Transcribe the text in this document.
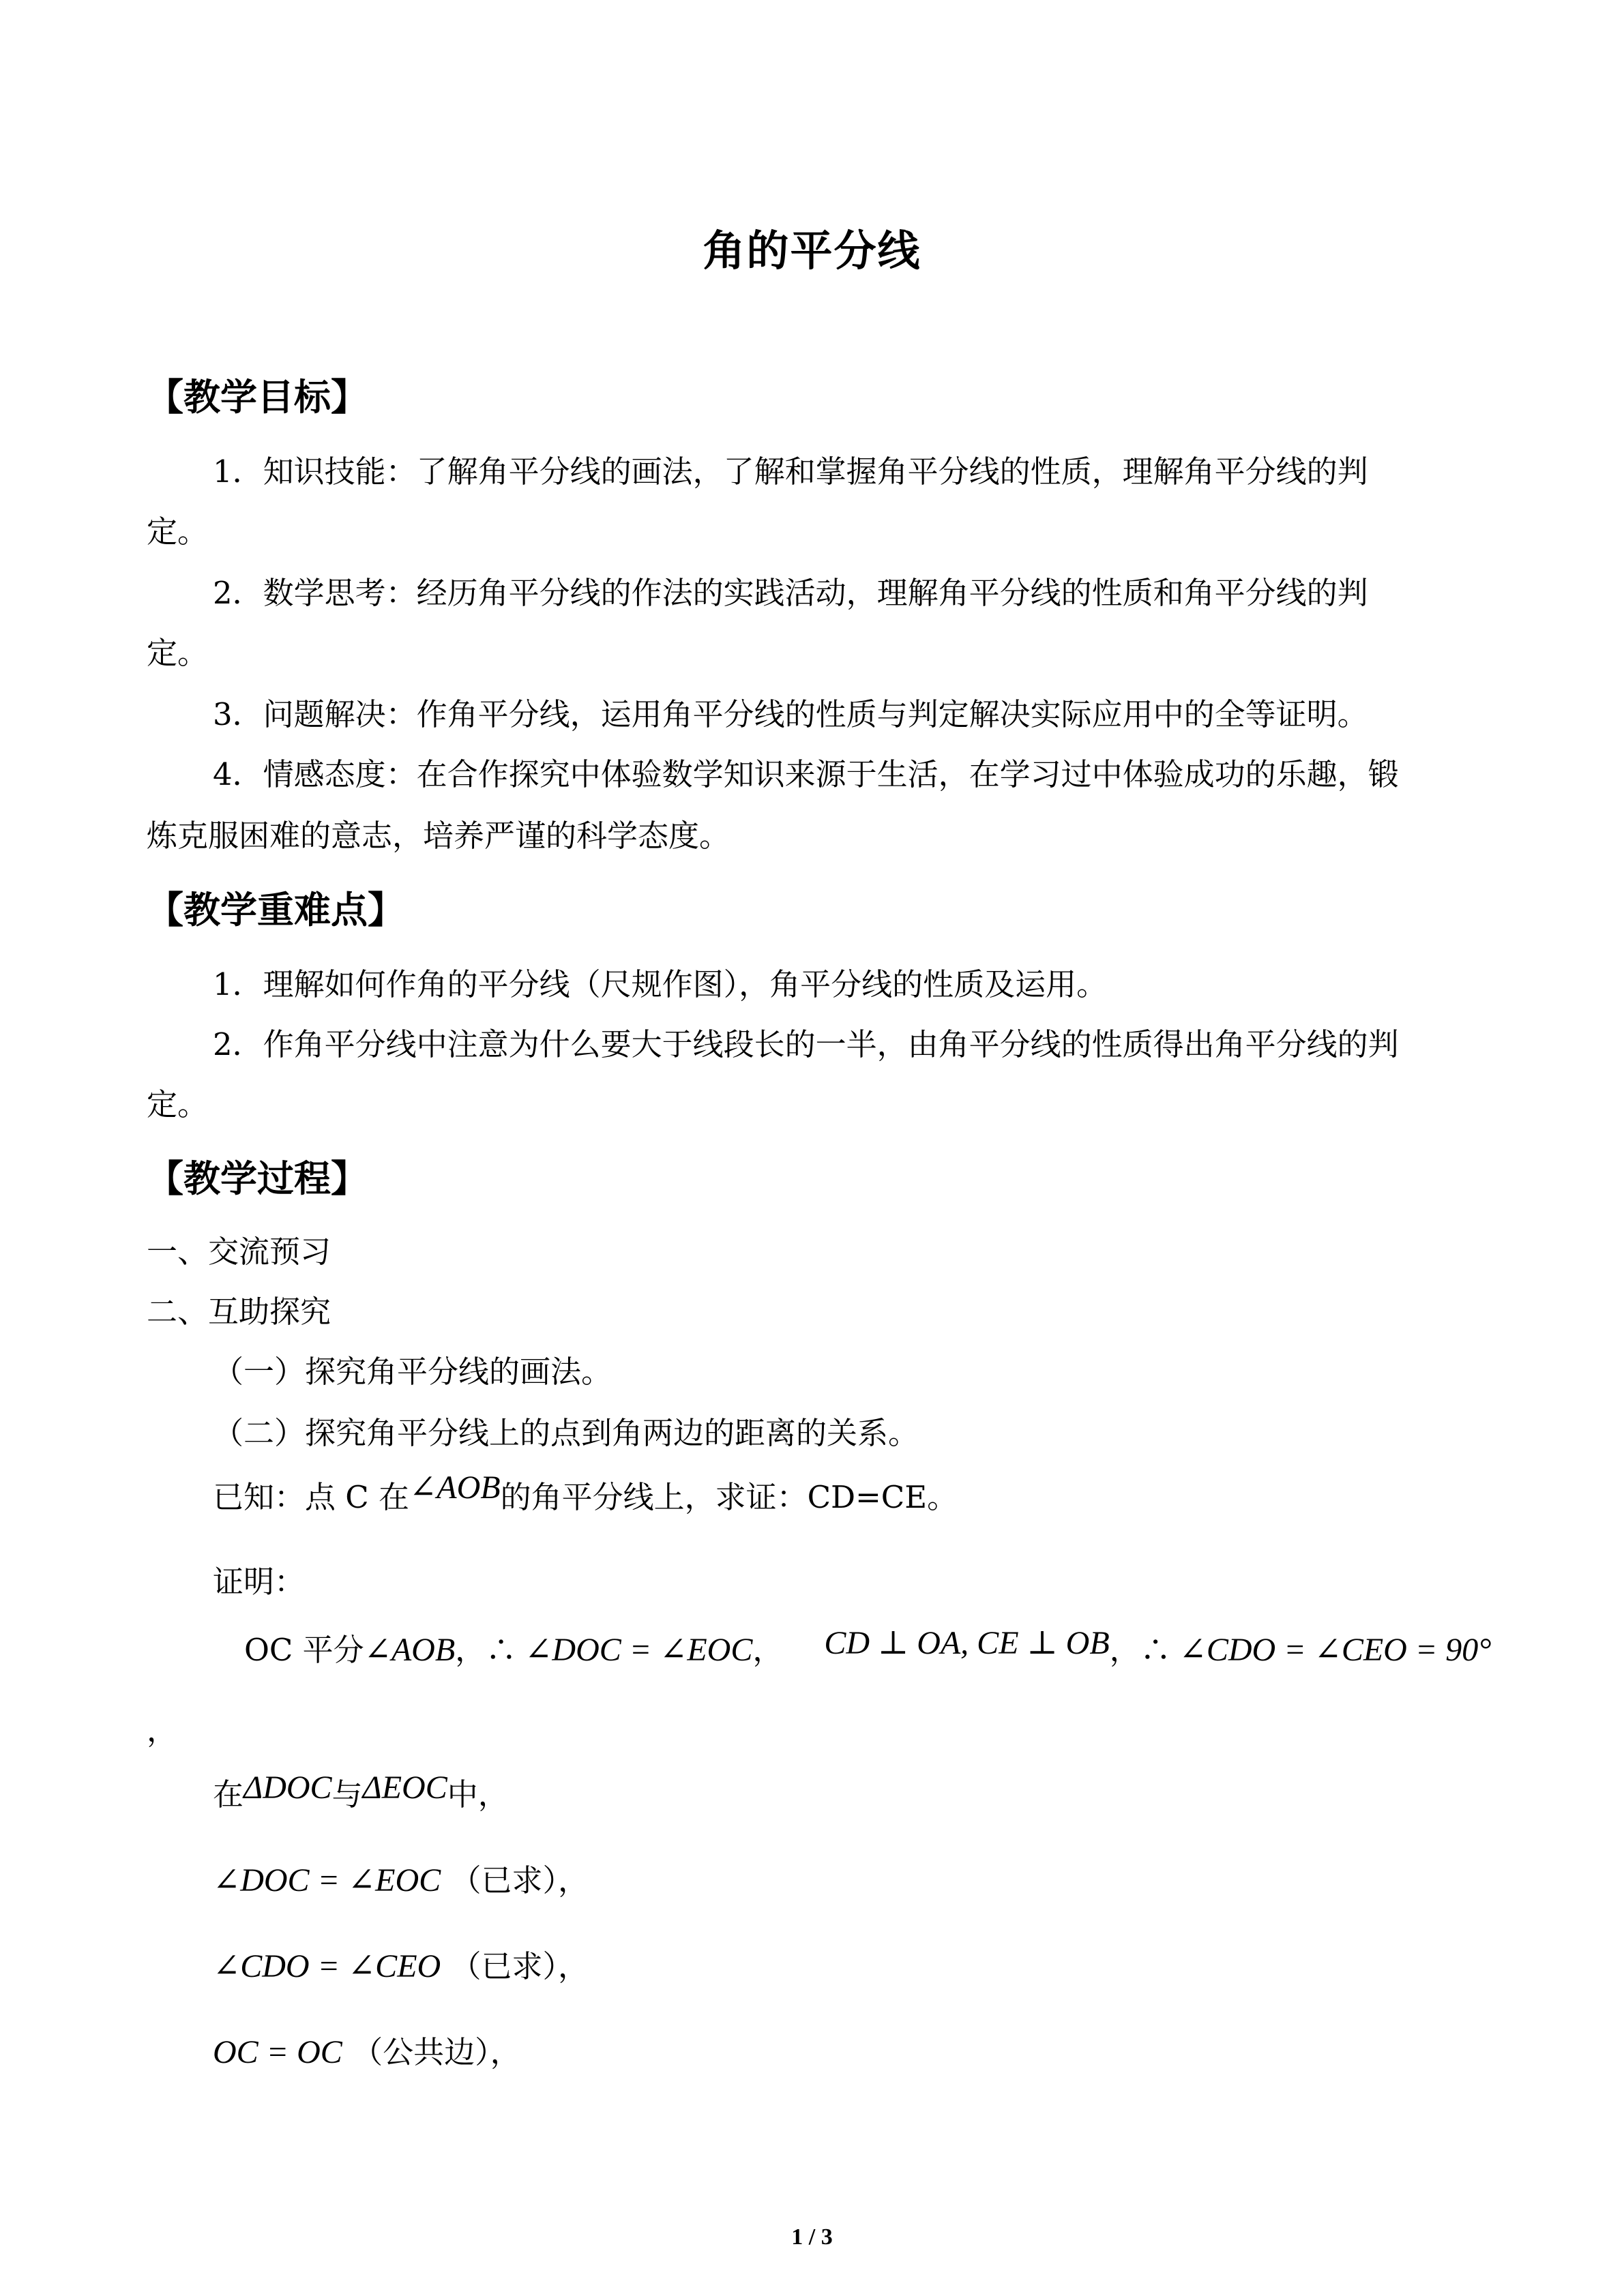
角的平分线
【教学目标】
1．知识技能：了解角平分线的画法，了解和掌握角平分线的性质，理解角平分线的判
定。
2．数学思考：经历角平分线的作法的实践活动，理解角平分线的性质和角平分线的判
定。
3．问题解决：作角平分线，运用角平分线的性质与判定解决实际应用中的全等证明。
4．情感态度：在合作探究中体验数学知识来源于生活，在学习过中体验成功的乐趣，锻
炼克服困难的意志，培养严谨的科学态度。
【教学重难点】
1．理解如何作角的平分线（尺规作图），角平分线的性质及运用。
2．作角平分线中注意为什么要大于线段长的一半，由角平分线的性质得出角平分线的判
定。
【教学过程】
一、交流预习
二、互助探究
（一）探究角平分线的画法。
（二）探究角平分线上的点到角两边的距离的关系。
已知：点 C 在∠AOB的角平分线上，求证：CD=CE。
证明：
OC 平分∠AOB，∴ ∠DOC = ∠EOC， CD ⊥ OA, CE ⊥ OB，∴ ∠CDO = ∠CEO = 90°
，
在ΔDOC与ΔEOC中，
∠DOC = ∠EOC （已求），
∠CDO = ∠CEO （已求），
OC = OC （公共边），
1 / 3
